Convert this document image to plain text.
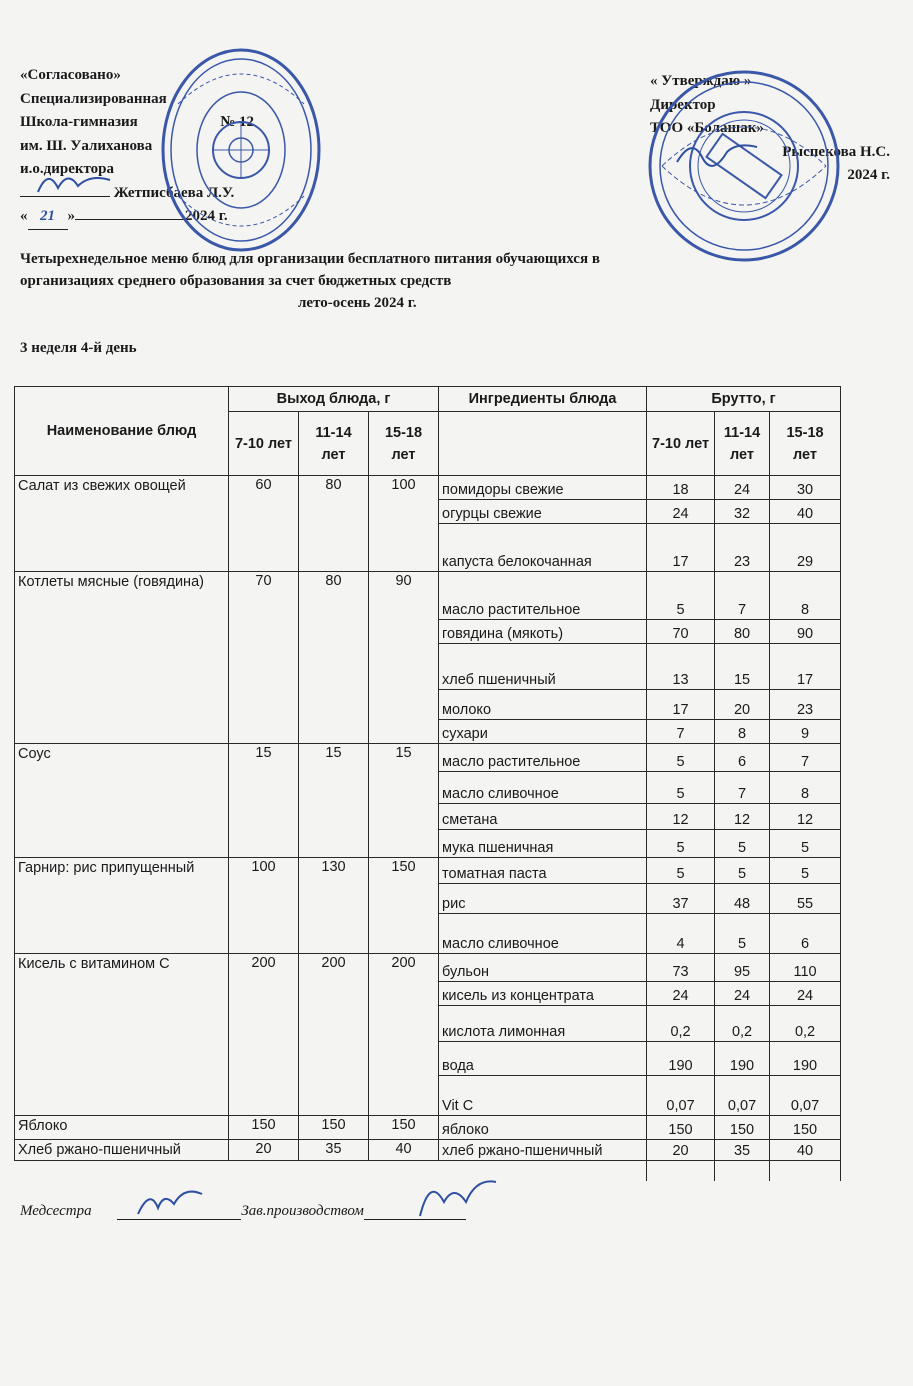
«Согласовано»
Специализированная
Школа-гимназия	№ 12
им. Ш. Уалиханова
и.о.директора
Жетписбаева Л.У.
« 21 »	2024 г.
« Утверждаю »
Директор
ТОО «Болашак»
Рыспекова Н.С.
2024 г.
Четырехнедельное меню блюд для организации бесплатного питания обучающихся в
организациях среднего образования за счет бюджетных средств
лето-осень 2024 г.
3 неделя 4-й день
Наименование блюд	Выход блюда, г			Ингредиенты блюда	Брутто, г		
	7-10 лет	11-14 лет	15-18 лет		7-10 лет	11-14 лет	15-18 лет
Салат из свежих овощей	60	80	100	помидоры свежие	18	24	30
				огурцы свежие	24	32	40
				капуста белокочанная	17	23	29
Котлеты мясные (говядина)	70	80	90	масло растительное	5	7	8
				говядина (мякоть)	70	80	90
				хлеб пшеничный	13	15	17
				молоко	17	20	23
				сухари	7	8	9
Соус	15	15	15	масло растительное	5	6	7
				масло сливочное	5	7	8
				сметана	12	12	12
				мука пшеничная	5	5	5
Гарнир: рис припущенный	100	130	150	томатная паста	5	5	5
				рис	37	48	55
				масло сливочное	4	5	6
Кисель с витамином С	200	200	200	бульон	73	95	110
				кисель из концентрата	24	24	24
				кислота лимонная	0,2	0,2	0,2
				вода	190	190	190
				Vit C	0,07	0,07	0,07
Яблоко	150	150	150	яблоко	150	150	150
Хлеб ржано-пшеничный	20	35	40	хлеб ржано-пшеничный	20	35	40

Медсестра	Зав.производством
